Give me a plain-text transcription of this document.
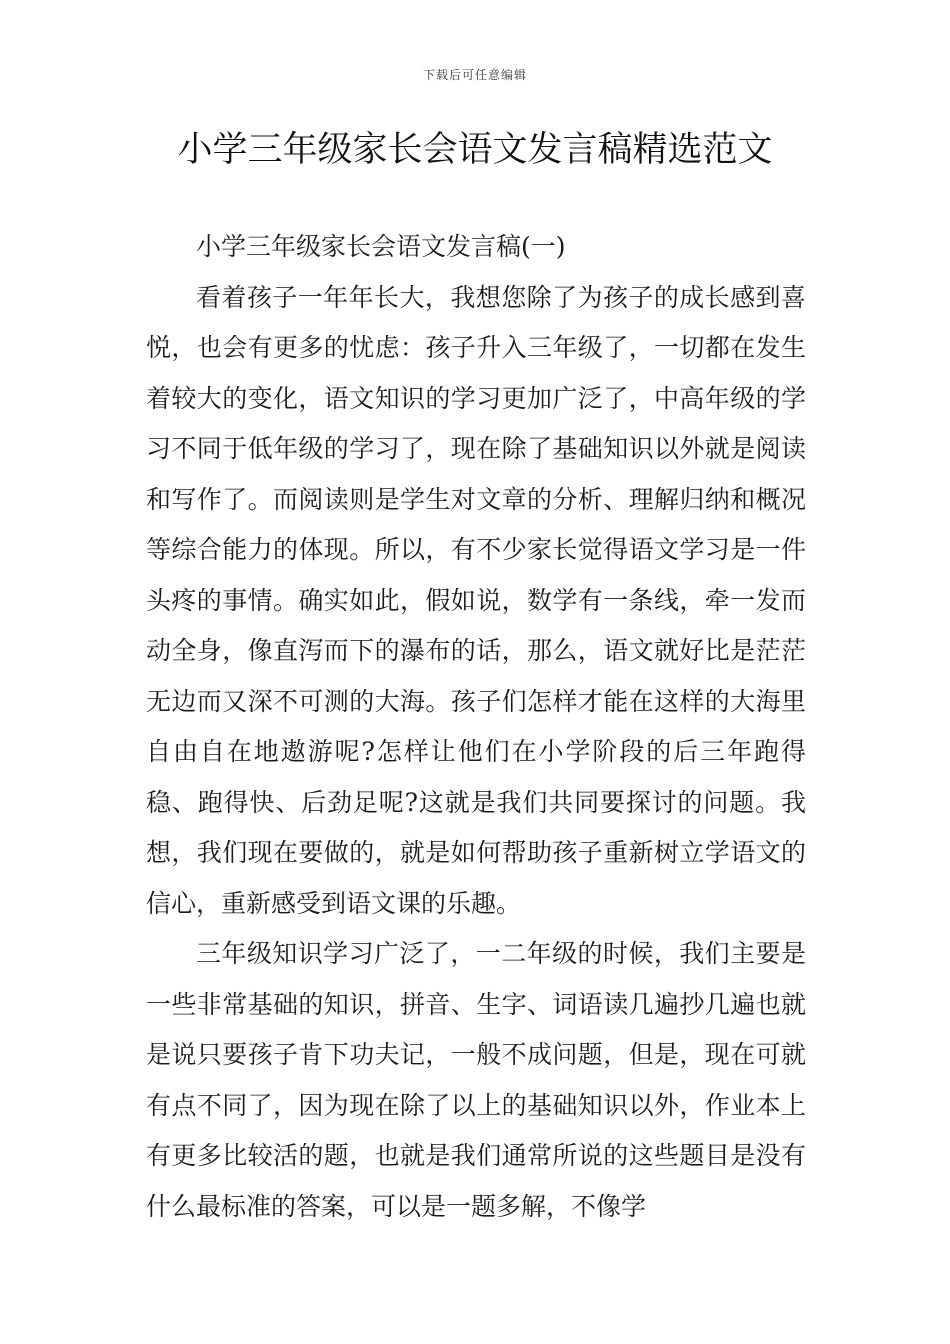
下载后可任意编辑
小学三年级家长会语文发言稿精选范文
小学三年级家长会语文发言稿(一)

看着孩子一年年长大，我想您除了为孩子的成长感到喜悦，也会有更多的忧虑：孩子升入三年级了，一切都在发生着较大的变化，语文知识的学习更加广泛了，中高年级的学习不同于低年级的学习了，现在除了基础知识以外就是阅读和写作了。而阅读则是学生对文章的分析、理解归纳和概况等综合能力的体现。所以，有不少家长觉得语文学习是一件头疼的事情。确实如此，假如说，数学有一条线，牵一发而动全身，像直泻而下的瀑布的话，那么，语文就好比是茫茫无边而又深不可测的大海。孩子们怎样才能在这样的大海里自由自在地遨游呢?怎样让他们在小学阶段的后三年跑得稳、跑得快、后劲足呢?这就是我们共同要探讨的问题。我想，我们现在要做的，就是如何帮助孩子重新树立学语文的信心，重新感受到语文课的乐趣。

三年级知识学习广泛了，一二年级的时候，我们主要是一些非常基础的知识，拼音、生字、词语读几遍抄几遍也就是说只要孩子肯下功夫记，一般不成问题，但是，现在可就有点不同了，因为现在除了以上的基础知识以外，作业本上有更多比较活的题，也就是我们通常所说的这些题目是没有什么最标准的答案，可以是一题多解，不像学
